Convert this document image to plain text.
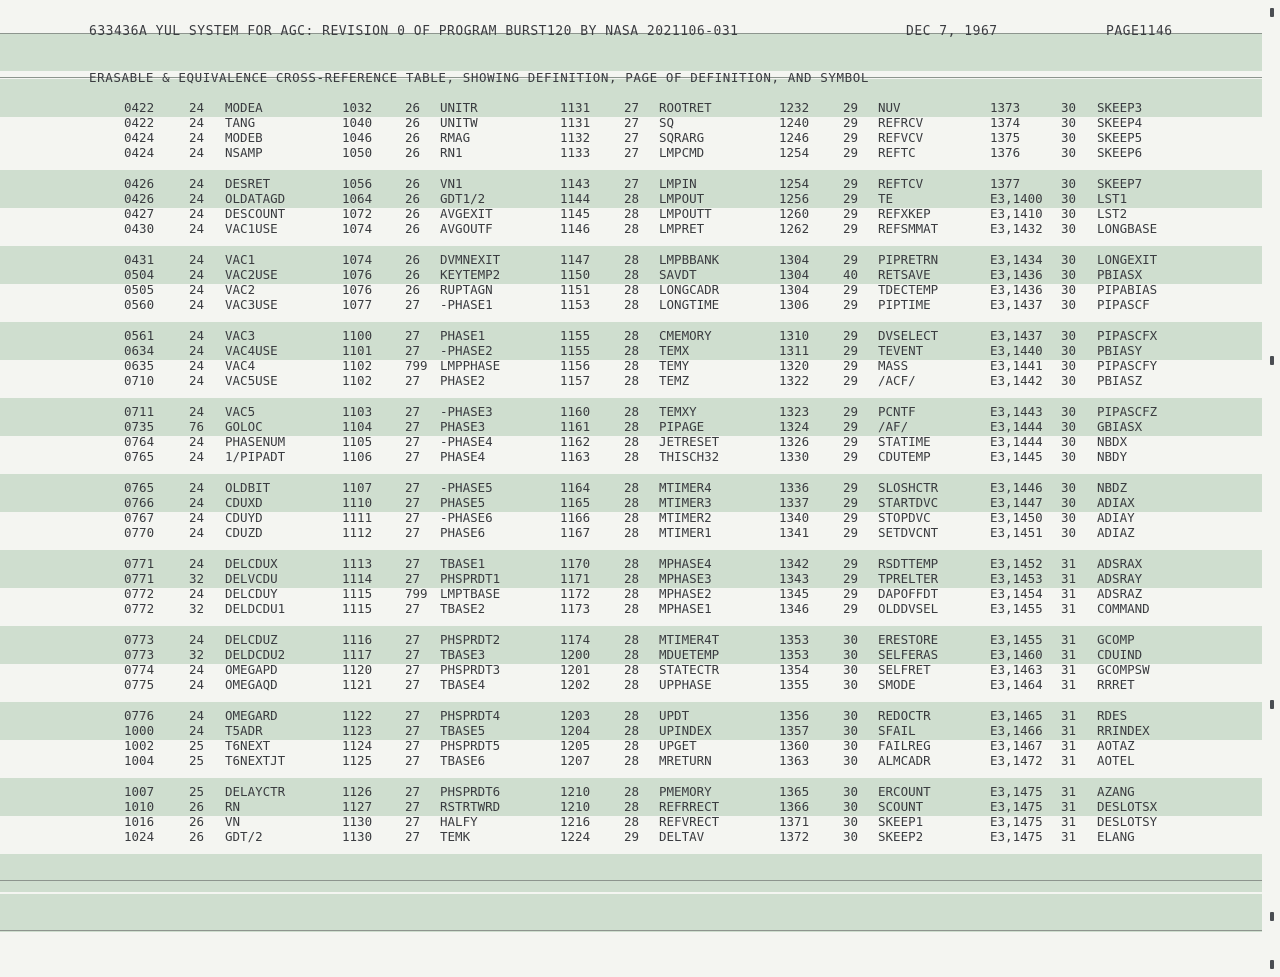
633436A YUL SYSTEM FOR AGC: REVISION 0 OF PROGRAM BURST120 BY NASA 2021106-031	DEC 7, 1967	PAGE1146
ERASABLE & EQUIVALENCE CROSS-REFERENCE TABLE, SHOWING DEFINITION, PAGE OF DEFINITION, AND SYMBOL
0422	24 MODEA	1032	26 UNITR	1131	27 ROOTRET	1232	29 NUV	1373	30 SKEEP3
0422	24 TANG	1040	26 UNITW	1131	27 SQ	1240	29 REFRCV	1374	30 SKEEP4
0424	24 MODEB	1046	26 RMAG	1132	27 SQRARG	1246	29 REFVCV	1375	30 SKEEP5
0424	24 NSAMP	1050	26 RN1	1133	27 LMPCMD	1254	29 REFTC	1376	30 SKEEP6
0426	24 DESRET	1056	26 VN1	1143	27 LMPIN	1254	29 REFTCV	1377	30 SKEEP7
0426	24 OLDATAGD	1064	26 GDT1/2	1144	28 LMPOUT	1256	29 TE	E3,1400 30 LST1
0427	24 DESCOUNT	1072	26 AVGEXIT	1145	28 LMPOUTT	1260	29 REFXKEP	E3,1410 30 LST2
0430	24 VAC1USE	1074	26 AVGOUTF	1146	28 LMPRET	1262	29 REFSMMAT	E3,1432 30 LONGBASE
0431	24 VAC1	1074	26 DVMNEXIT	1147	28 LMPBBANK	1304	29 PIPRETRN	E3,1434 30 LONGEXIT
0504	24 VAC2USE	1076	26 KEYTEMP2	1150	28 SAVDT	1304	40 RETSAVE	E3,1436 30 PBIASX
0505	24 VAC2	1076	26 RUPTAGN	1151	28 LONGCADR	1304	29 TDECTEMP	E3,1436 30 PIPABIAS
0560	24 VAC3USE	1077	27 -PHASE1	1153	28 LONGTIME	1306	29 PIPTIME	E3,1437 30 PIPASCF
0561	24 VAC3	1100	27 PHASE1	1155	28 CMEMORY	1310	29 DVSELECT	E3,1437 30 PIPASCFX
0634	24 VAC4USE	1101	27 -PHASE2	1155	28 TEMX	1311	29 TEVENT	E3,1440 30 PBIASY
0635	24 VAC4	1102	799 LMPPHASE	1156	28 TEMY	1320	29 MASS	E3,1441 30 PIPASCFY
0710	24 VAC5USE	1102	27 PHASE2	1157	28 TEMZ	1322	29 /ACF/	E3,1442 30 PBIASZ
0711	24 VAC5	1103	27 -PHASE3	1160	28 TEMXY	1323	29 PCNTF	E3,1443 30 PIPASCFZ
0735	76 GOLOC	1104	27 PHASE3	1161	28 PIPAGE	1324	29 /AF/	E3,1444 30 GBIASX
0764	24 PHASENUM	1105	27 -PHASE4	1162	28 JETRESET	1326	29 STATIME	E3,1444 30 NBDX
0765	24 1/PIPADT	1106	27 PHASE4	1163	28 THISCH32	1330	29 CDUTEMP	E3,1445 30 NBDY
0765	24 OLDBIT	1107	27 -PHASE5	1164	28 MTIMER4	1336	29 SLOSHCTR	E3,1446 30 NBDZ
0766	24 CDUXD	1110	27 PHASE5	1165	28 MTIMER3	1337	29 STARTDVC	E3,1447 30 ADIAX
0767	24 CDUYD	1111	27 -PHASE6	1166	28 MTIMER2	1340	29 STOPDVC	E3,1450 30 ADIAY
0770	24 CDUZD	1112	27 PHASE6	1167	28 MTIMER1	1341	29 SETDVCNT	E3,1451 30 ADIAZ
0771	24 DELCDUX	1113	27 TBASE1	1170	28 MPHASE4	1342	29 RSDTTEMP	E3,1452 31 ADSRAX
0771	32 DELVCDU	1114	27 PHSPRDT1	1171	28 MPHASE3	1343	29 TPRELTER	E3,1453 31 ADSRAY
0772	24 DELCDUY	1115	799 LMPTBASE	1172	28 MPHASE2	1345	29 DAPOFFDT	E3,1454 31 ADSRAZ
0772	32 DELDCDU1	1115	27 TBASE2	1173	28 MPHASE1	1346	29 OLDDVSEL	E3,1455 31 COMMAND
0773	24 DELCDUZ	1116	27 PHSPRDT2	1174	28 MTIMER4T	1353	30 ERESTORE	E3,1455 31 GCOMP
0773	32 DELDCDU2	1117	27 TBASE3	1200	28 MDUETEMP	1353	30 SELFERAS	E3,1460 31 CDUIND
0774	24 OMEGAPD	1120	27 PHSPRDT3	1201	28 STATECTR	1354	30 SELFRET	E3,1463 31 GCOMPSW
0775	24 OMEGAQD	1121	27 TBASE4	1202	28 UPPHASE	1355	30 SMODE	E3,1464 31 RRRET
0776	24 OMEGARD	1122	27 PHSPRDT4	1203	28 UPDT	1356	30 REDOCTR	E3,1465 31 RDES
1000	24 T5ADR	1123	27 TBASE5	1204	28 UPINDEX	1357	30 SFAIL	E3,1466 31 RRINDEX
1002	25 T6NEXT	1124	27 PHSPRDT5	1205	28 UPGET	1360	30 FAILREG	E3,1467 31 AOTAZ
1004	25 T6NEXTJT	1125	27 TBASE6	1207	28 MRETURN	1363	30 ALMCADR	E3,1472 31 AOTEL
1007	25 DELAYCTR	1126	27 PHSPRDT6	1210	28 PMEMORY	1365	30 ERCOUNT	E3,1475 31 AZANG
1010	26 RN	1127	27 RSTRTWRD	1210	28 REFRRECT	1366	30 SCOUNT	E3,1475 31 DESLOTSX
1016	26 VN	1130	27 HALFY	1216	28 REFVRECT	1371	30 SKEEP1	E3,1475 31 DESLOTSY
1024	26 GDT/2	1130	27 TEMK	1224	29 DELTAV	1372	30 SKEEP2	E3,1475 31 ELANG
